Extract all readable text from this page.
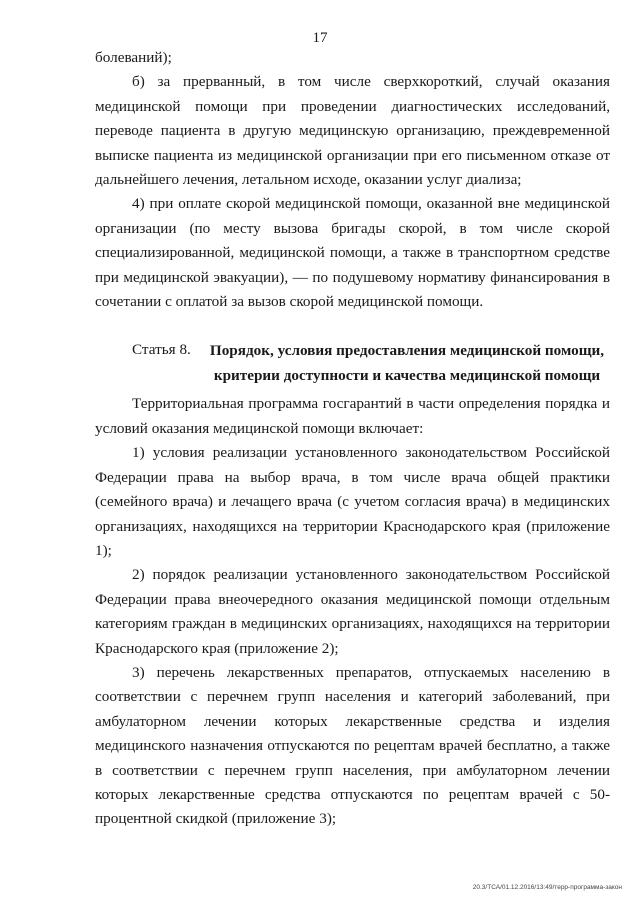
17

болеваний);

б) за прерванный, в том числе сверхкороткий, случай оказания медицинской помощи при проведении диагностических исследований, переводе пациента в другую медицинскую организацию, преждевременной выписке пациента из медицинской организации при его письменном отказе от дальнейшего лечения, летальном исходе, оказании услуг диализа;

4) при оплате скорой медицинской помощи, оказанной вне медицинской организации (по месту вызова бригады скорой, в том числе скорой специализированной, медицинской помощи, а также в транспортном средстве при медицинской эвакуации), — по подушевому нормативу финансирования в сочетании с оплатой за вызов скорой медицинской помощи.

Статья 8.	Порядок, условия предоставления медицинской помощи, критерии доступности и качества медицинской помощи

Территориальная программа госгарантий в части определения порядка и условий оказания медицинской помощи включает:

1) условия реализации установленного законодательством Российской Федерации права на выбор врача, в том числе врача общей практики (семейного врача) и лечащего врача (с учетом согласия врача) в медицинских организациях, находящихся на территории Краснодарского края (приложение 1);

2) порядок реализации установленного законодательством Российской Федерации права внеочередного оказания медицинской помощи отдельным категориям граждан в медицинских организациях, находящихся на территории Краснодарского края (приложение 2);

3) перечень лекарственных препаратов, отпускаемых населению в соответствии с перечнем групп населения и категорий заболеваний, при амбулаторном лечении которых лекарственные средства и изделия медицинского назначения отпускаются по рецептам врачей бесплатно, а также в соответствии с перечнем групп населения, при амбулаторном лечении которых лекарственные средства отпускаются по рецептам врачей с 50-процентной скидкой (приложение 3);

20.3/ТСА/01.12.2016/13:49/терр-программа-закон
